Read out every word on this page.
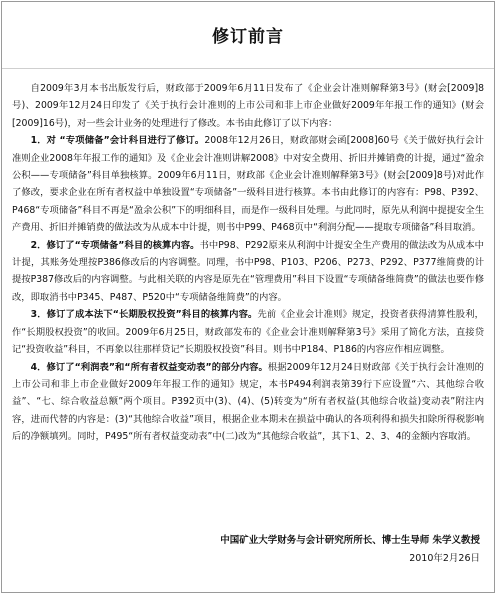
修订前言

自2009年3月本书出版发行后，财政部于2009年6月11日发布了《企业会计准则解释第3号》(财会[2009]8号)、2009年12月24日印发了《关于执行会计准则的上市公司和非上市企业做好2009年年报工作的通知》(财会[2009]16号)，对一些会计业务的处理进行了修改。本书由此修订了以下内容：

1．对 “专项储备”会计科目进行了修订。2008年12月26日，财政部财会函[2008]60号《关于做好执行会计准则企业2008年年报工作的通知》及《企业会计准则讲解2008》中对安全费用、折旧并摊销费的计提，通过“盈余公积——专项储备”科目单独核算。2009年6月11日，财政部《企业会计准则解释第3号》(财会[2009]8号)对此作了修改，要求企业在所有者权益中单独设置“专项储备”一级科目进行核算。本书由此修订的内容有：P98、P392、P468“专项储备”科目不再是“盈余公积”下的明细科目，而是作一级科目处理。与此同时，原先从利润中提提安全生产费用、折旧并摊销费的做法改为从成本中计提，则书中P99、P468页中“利润分配——提取专项储备”科目取消。

2．修订了“专项储备”科目的核算内容。书中P98、P292原来从利润中计提安全生产费用的做法改为从成本中计提，其账务处理按P386修改后的内容调整。同理，书中P98、P103、P206、P273、P292、P377维简费的计提按P387修改后的内容调整。与此相关联的内容是原先在“管理费用”科目下设置“专项储备维简费”的做法也要作修改，即取消书中P345、P487、P520中“专项储备维简费”的内容。

3．修订了成本法下“长期股权投资”科目的核算内容。先前《企业会计准则》规定，投资者获得清算性股利，作“长期股权投资”的收回。2009年6月25日，财政部发布的《企业会计准则解释第3号》采用了简化方法，直接贷记“投资收益”科目，不再象以往那样贷记“长期股权投资”科目。则书中P184、P186的内容应作相应调整。

4．修订了“利润表”和“所有者权益变动表”的部分内容。根据2009年12月24日财政部《关于执行会计准则的上市公司和非上市企业做好2009年年报工作的通知》规定，本书P494利润表第39行下应设置“六、其他综合收益”、“七、综合收益总额”两个项目。P392页中(3)、(4)、(5)转变为“所有者权益(其他综合收益)变动表”附注内容，进而代替的内容是：(3)“其他综合收益”项目，根据企业本期未在损益中确认的各项利得和损失扣除所得税影响后的净额填列。同时，P495“所有者权益变动表”中(二)改为“其他综合收益”，其下1、2、3、4的金额内容取消。

中国矿业大学财务与会计研究所所长、博士生导师 朱学义教授
2010年2月26日
